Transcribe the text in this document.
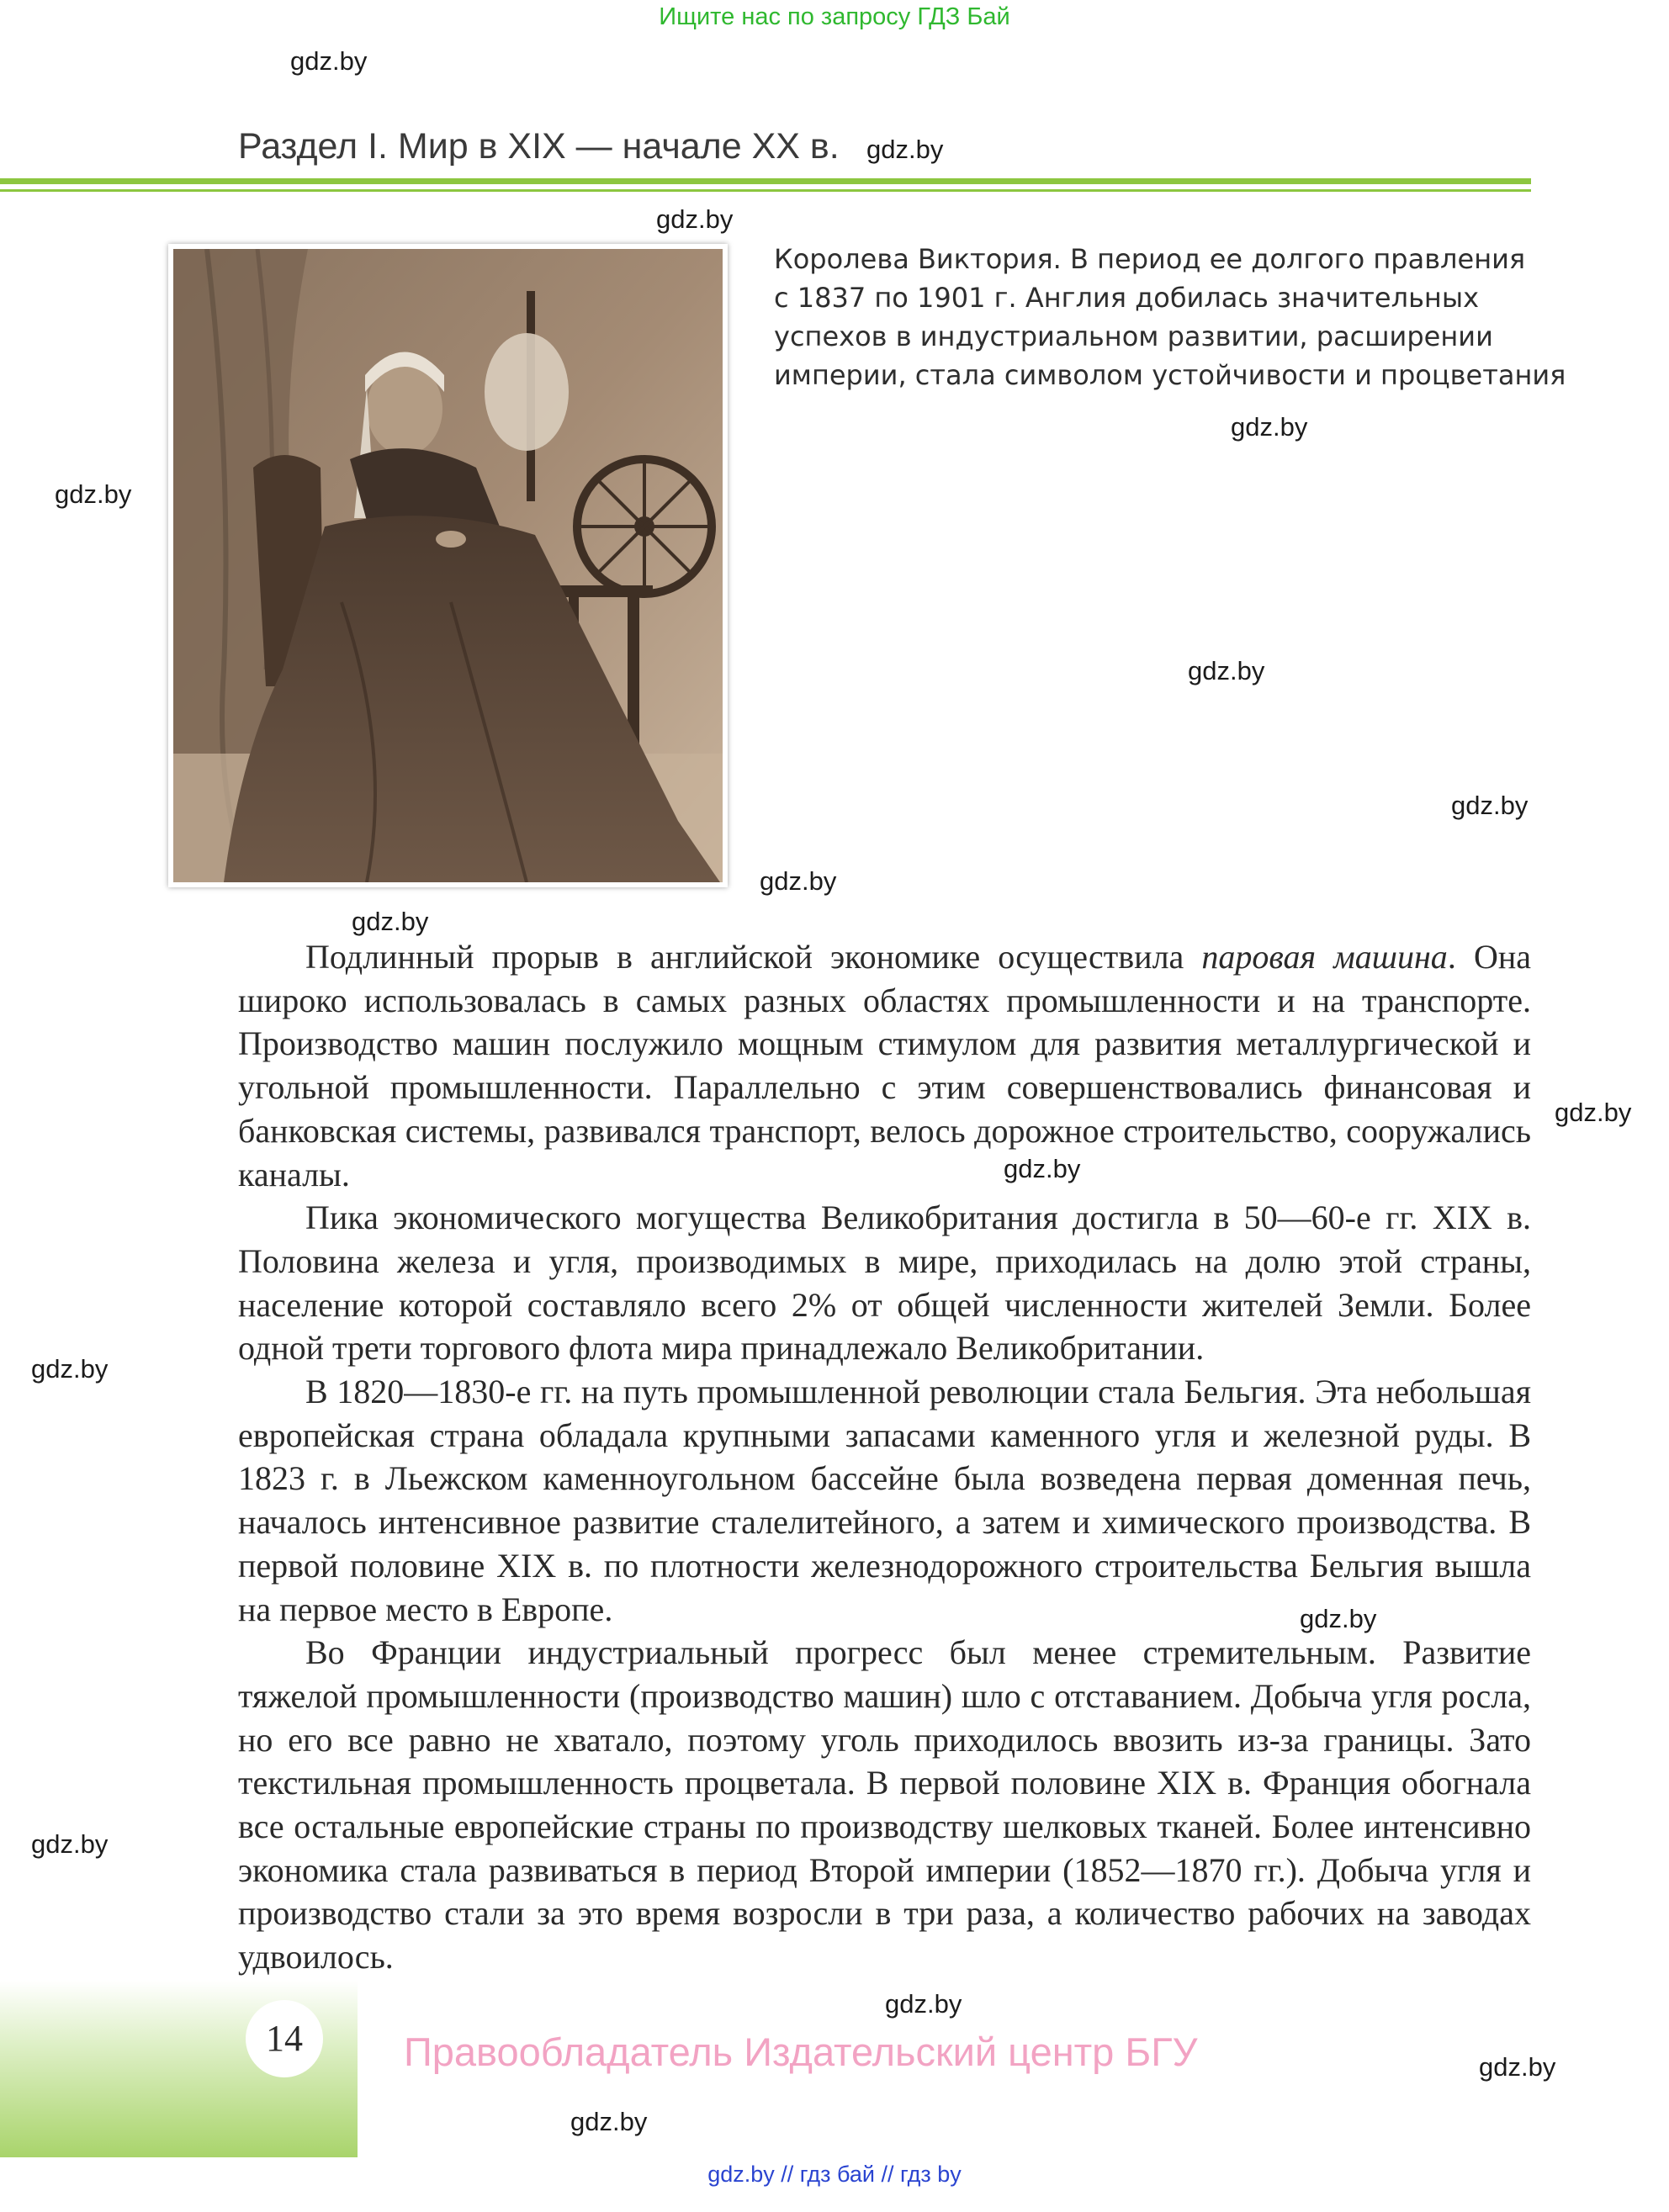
Ищите нас по запросу ГДЗ Бай
gdz.by
gdz.by
gdz.by
gdz.by
gdz.by
gdz.by
gdz.by
gdz.by
gdz.by
gdz.by
gdz.by
gdz.by
gdz.by
gdz.by
gdz.by
gdz.by
gdz.by
Раздел I. Мир в XIX — начале XX в.
Королева Виктория. В период ее долгого правления
с 1837 по 1901 г. Англия добилась значительных
успехов в индустриальном развитии, расширении
империи, стала символом устойчивости и процветания

Подлинный прорыв в английской экономике осуществила паровая машина. Она широко использовалась в самых разных областях промышленности и на транспорте. Производство машин послужило мощным стимулом для развития металлургической и угольной промышленности. Параллельно с этим совершенствовались финансовая и банковская системы, развивался транспорт, велось дорожное строительство, сооружались каналы.

Пика экономического могущества Великобритания достигла в 50—60-е гг. XIX в. Половина железа и угля, производимых в мире, приходилась на долю этой страны, население которой составляло всего 2% от общей численности жителей Земли. Более одной трети торгового флота мира принадлежало Великобритании.

В 1820—1830-е гг. на путь промышленной революции стала Бельгия. Эта небольшая европейская страна обладала крупными запасами каменного угля и железной руды. В 1823 г. в Льежском каменноугольном бассейне была возведена первая доменная печь, началось интенсивное развитие сталелитейного, а затем и химического производства. В первой половине XIX в. по плотности железнодорожного строительства Бельгия вышла на первое место в Европе.

Во Франции индустриальный прогресс был менее стремительным. Развитие тяжелой промышленности (производство машин) шло с отставанием. Добыча угля росла, но его все равно не хватало, поэтому уголь приходилось ввозить из-за границы. Зато текстильная промышленность процветала. В первой половине XIX в. Франция обогнала все остальные европейские страны по производству шелковых тканей. Более интенсивно экономика стала развиваться в период Второй империи (1852—1870 гг.). Добыча угля и производство стали за это время возросли в три раза, а количество рабочих на заводах удвоилось.

14	Правообладатель Издательский центр БГУ
gdz.by // гдз бай // гдз by
